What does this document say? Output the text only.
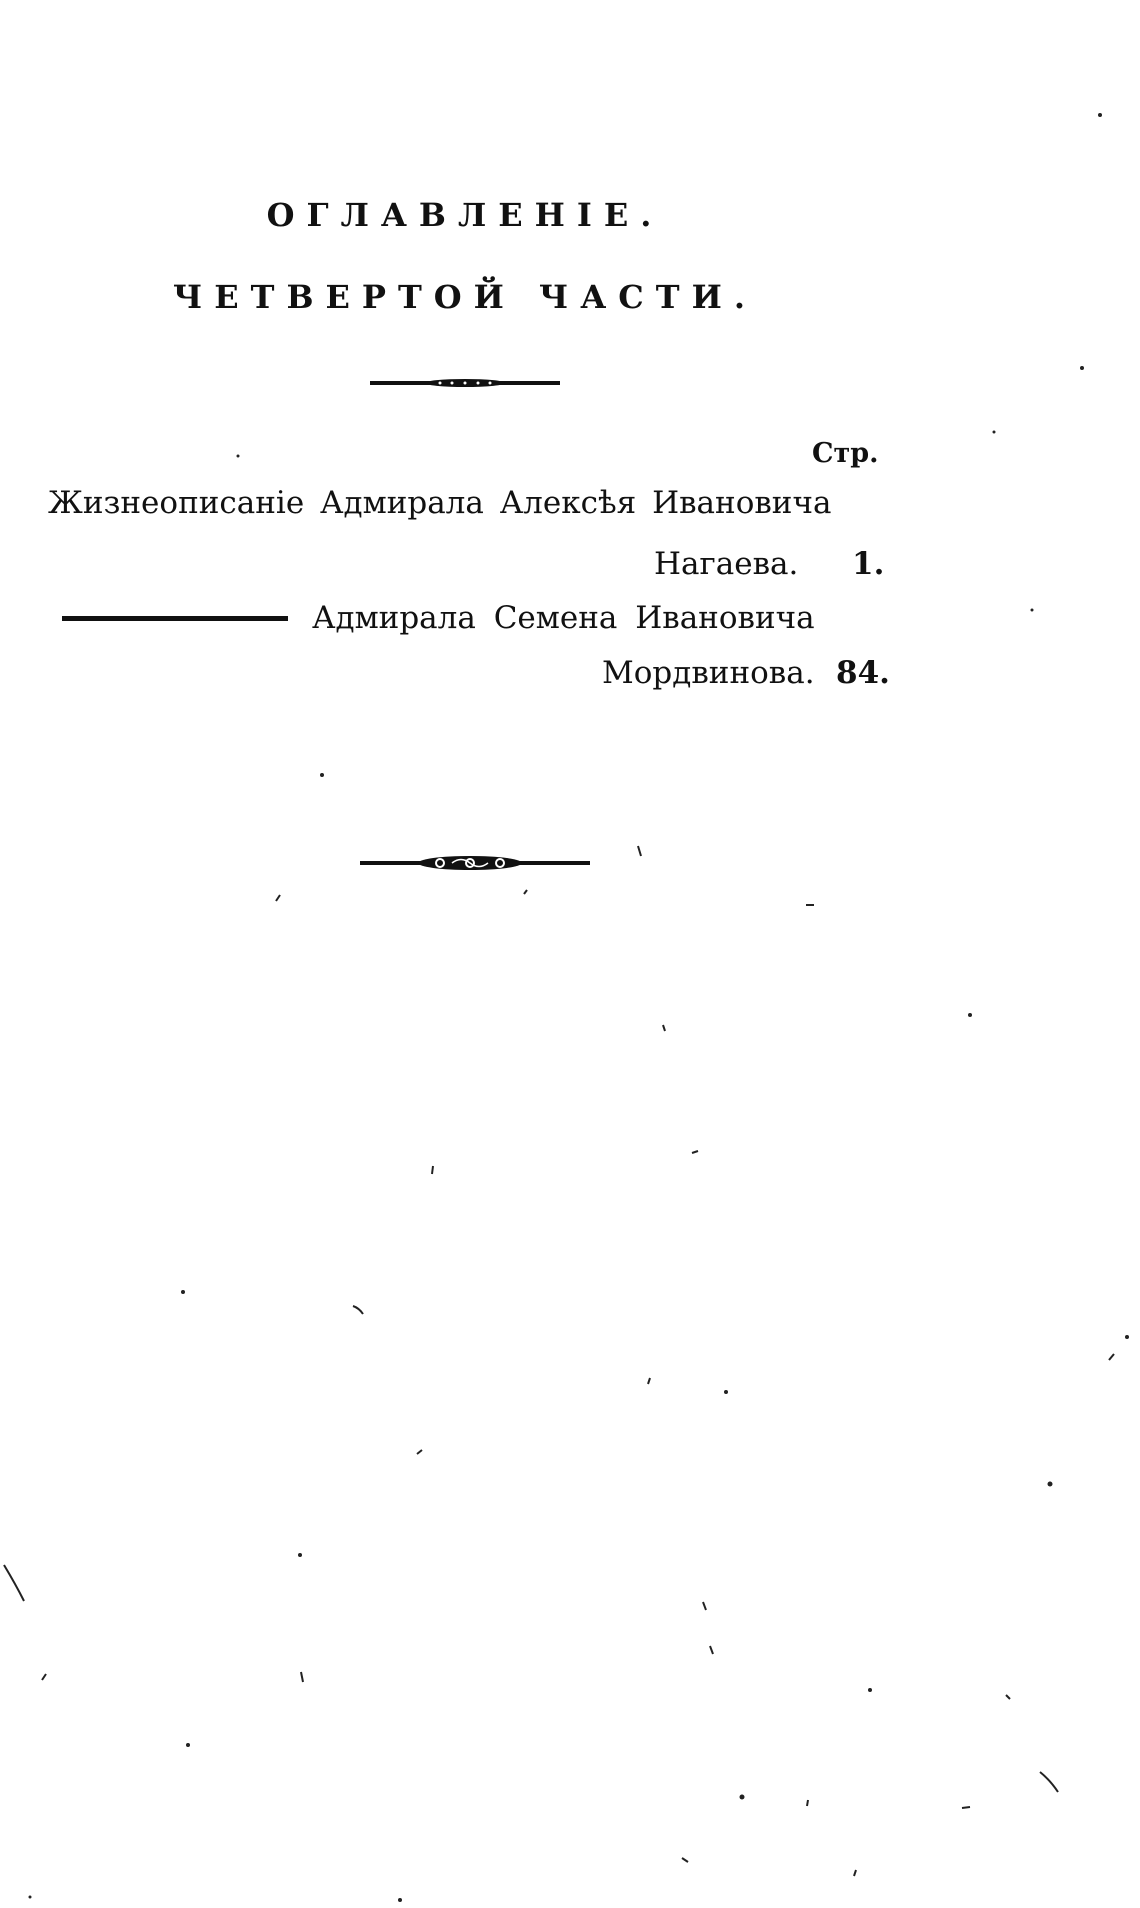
ОГЛАВЛЕНІЕ.
ЧЕТВЕРТОЙ ЧАСТИ.
Стр.
Жизнеописаніе Адмирала Алексѣя Ивановича
Нагаева. 1.
Адмирала Семена Ивановича
Мордвинова. 84.
